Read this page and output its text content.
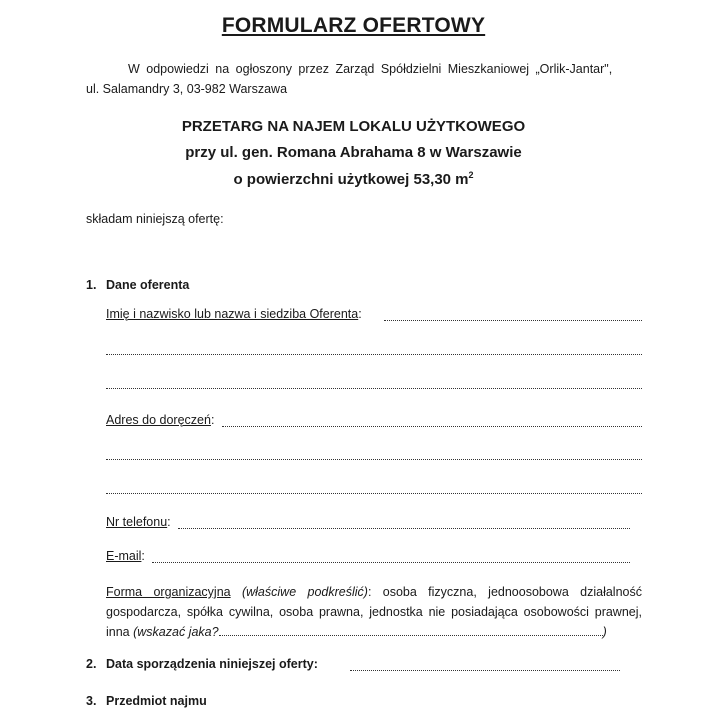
FORMULARZ OFERTOWY
W odpowiedzi na ogłoszony przez Zarząd Spółdzielni Mieszkaniowej „Orlik-Jantar",
ul. Salamandry 3, 03-982 Warszawa
PRZETARG NA NAJEM LOKALU UŻYTKOWEGO
przy ul. gen. Romana Abrahama 8 w Warszawie
o powierzchni użytkowej 53,30 $m^2$
składam niniejszą ofertę:
1. Dane oferenta
Imię i nazwisko lub nazwa i siedziba Oferenta:
Adres do doręczeń:
Nr telefonu:
E-mail:
Forma organizacyjna (właściwe podkreślić): osoba fizyczna, jednoosobowa działalność gospodarcza, spółka cywilna, osoba prawna, jednostka nie posiadająca osobowości prawnej, inna (wskazać jaka?	)
2. Data sporządzenia niniejszej oferty:
3. Przedmiot najmu
